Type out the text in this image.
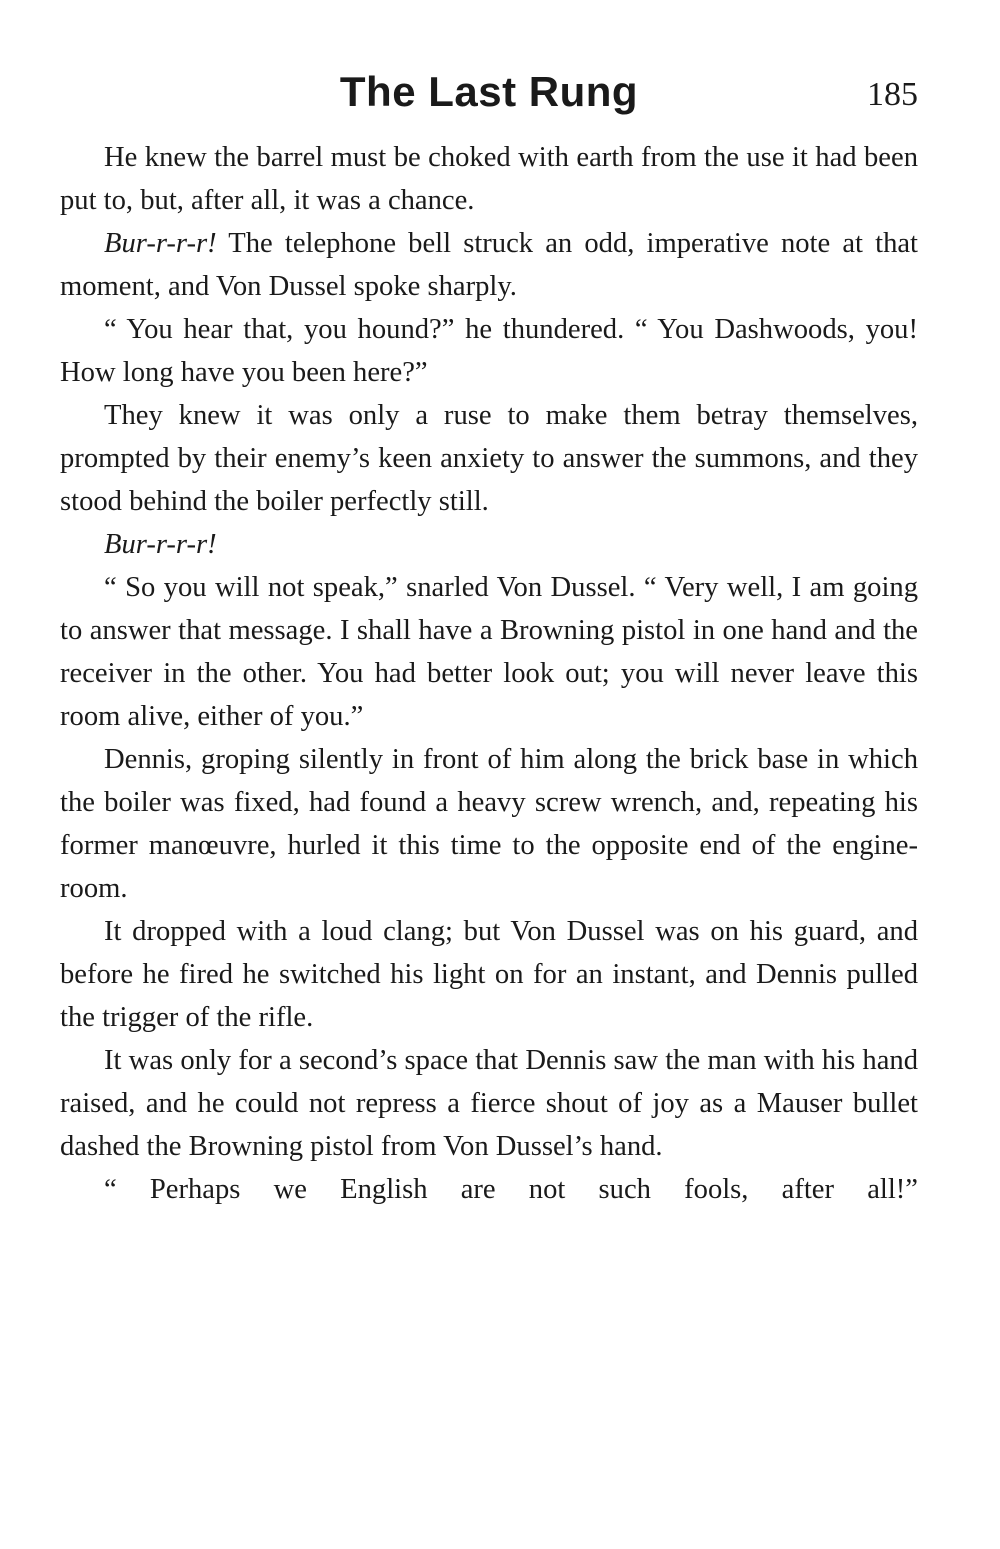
The Last Rung	185

He knew the barrel must be choked with earth from the use it had been put to, but, after all, it was a chance.

Bur-r-r-r! The telephone bell struck an odd, imperative note at that moment, and Von Dussel spoke sharply.

“ You hear that, you hound?” he thundered. “ You Dashwoods, you! How long have you been here?”

They knew it was only a ruse to make them betray themselves, prompted by their enemy’s keen anxiety to answer the summons, and they stood behind the boiler perfectly still.

Bur-r-r-r!

“ So you will not speak,” snarled Von Dussel. “ Very well, I am going to answer that message. I shall have a Browning pistol in one hand and the receiver in the other. You had better look out; you will never leave this room alive, either of you.”

Dennis, groping silently in front of him along the brick base in which the boiler was fixed, had found a heavy screw wrench, and, repeating his former manœuvre, hurled it this time to the opposite end of the engine-room.

It dropped with a loud clang; but Von Dussel was on his guard, and before he fired he switched his light on for an instant, and Dennis pulled the trigger of the rifle.

It was only for a second’s space that Dennis saw the man with his hand raised, and he could not repress a fierce shout of joy as a Mauser bullet dashed the Browning pistol from Von Dussel’s hand.

“ Perhaps we English are not such fools, after all!”
